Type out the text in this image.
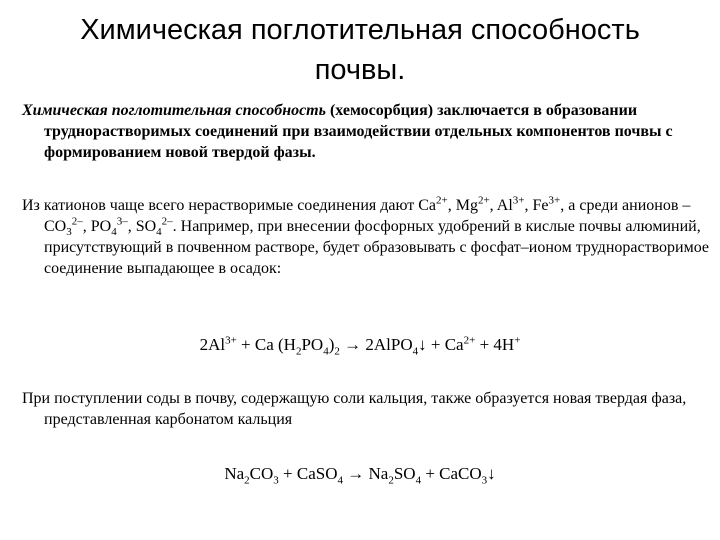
Химическая поглотительная способность
почвы.

Химическая поглотительная способность (хемосорбция) заключается в образовании труднорастворимых соединений при взаимодействии отдельных компонентов почвы с формированием новой твердой фазы.

Из катионов чаще всего нерастворимые соединения дают $Ca^{2+}$, $Mg^{2+}$, $Al^{3+}$, $Fe^{3+}$, а среди анионов – $CO_3^{2-}$, $PO_4^{3-}$, $SO_4^{2-}$. Например, при внесении фосфорных удобрений в кислые почвы алюминий, присутствующий в почвенном растворе, будет образовывать с фосфат–ионом труднорастворимое соединение выпадающее в осадок:

$2Al^{3+} + Ca$ $(H_2PO_4)_2$ → 2AlPO$_4$↓ + $Ca^{2+} + 4H^+$

При поступлении соды в почву, содержащую соли кальция, также образуется новая твердая фаза, представленная карбонатом кальция

$Na_2CO_3$ + CaSO$_4$ → $Na_2SO_4$ + CaCO$_3$↓
